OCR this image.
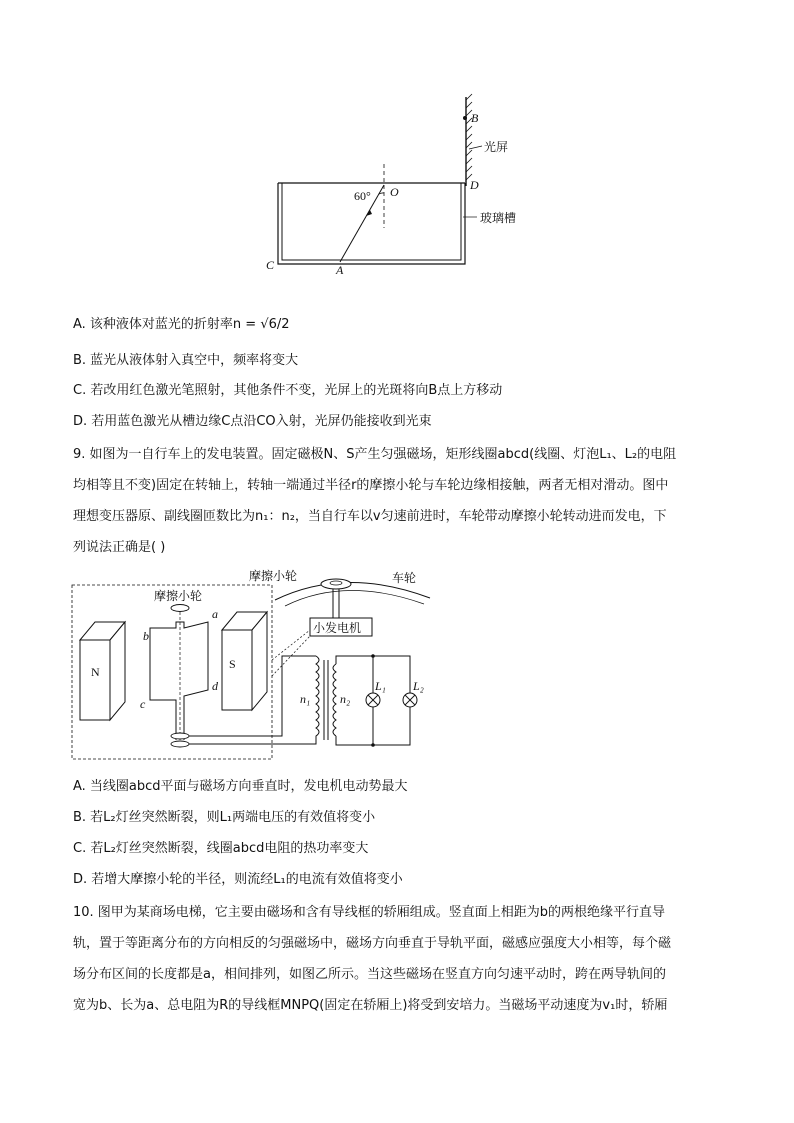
B
光屏
D
60° O
玻璃槽
C	A
A. 该种液体对蓝光的折射率n = √6/2
B. 蓝光从液体射入真空中，频率将变大
C. 若改用红色激光笔照射，其他条件不变，光屏上的光斑将向B点上方移动
D. 若用蓝色激光从槽边缘C点沿CO入射，光屏仍能接收到光束
9. 如图为一自行车上的发电装置。固定磁极N、S产生匀强磁场，矩形线圈abcd(线圈、灯泡L₁、L₂的电阻
均相等且不变)固定在转轴上，转轴一端通过半径r的摩擦小轮与车轮边缘相接触，两者无相对滑动。图中
理想变压器原、副线圈匝数比为n₁：n₂，当自行车以v匀速前进时，车轮带动摩擦小轮转动进而发电，下
列说法正确是( )
车轮
摩擦小轮
小发电机
摩擦小轮
N
S
a
b
c
d
n₁ n₂
L₁ L₂
A. 当线圈abcd平面与磁场方向垂直时，发电机电动势最大
B. 若L₂灯丝突然断裂，则L₁两端电压的有效值将变小
C. 若L₂灯丝突然断裂，线圈abcd电阻的热功率变大
D. 若增大摩擦小轮的半径，则流经L₁的电流有效值将变小
10. 图甲为某商场电梯，它主要由磁场和含有导线框的轿厢组成。竖直面上相距为b的两根绝缘平行直导
轨，置于等距离分布的方向相反的匀强磁场中，磁场方向垂直于导轨平面，磁感应强度大小相等，每个磁
场分布区间的长度都是a，相间排列，如图乙所示。当这些磁场在竖直方向匀速平动时，跨在两导轨间的
宽为b、长为a、总电阻为R的导线框MNPQ(固定在轿厢上)将受到安培力。当磁场平动速度为v₁时，轿厢
